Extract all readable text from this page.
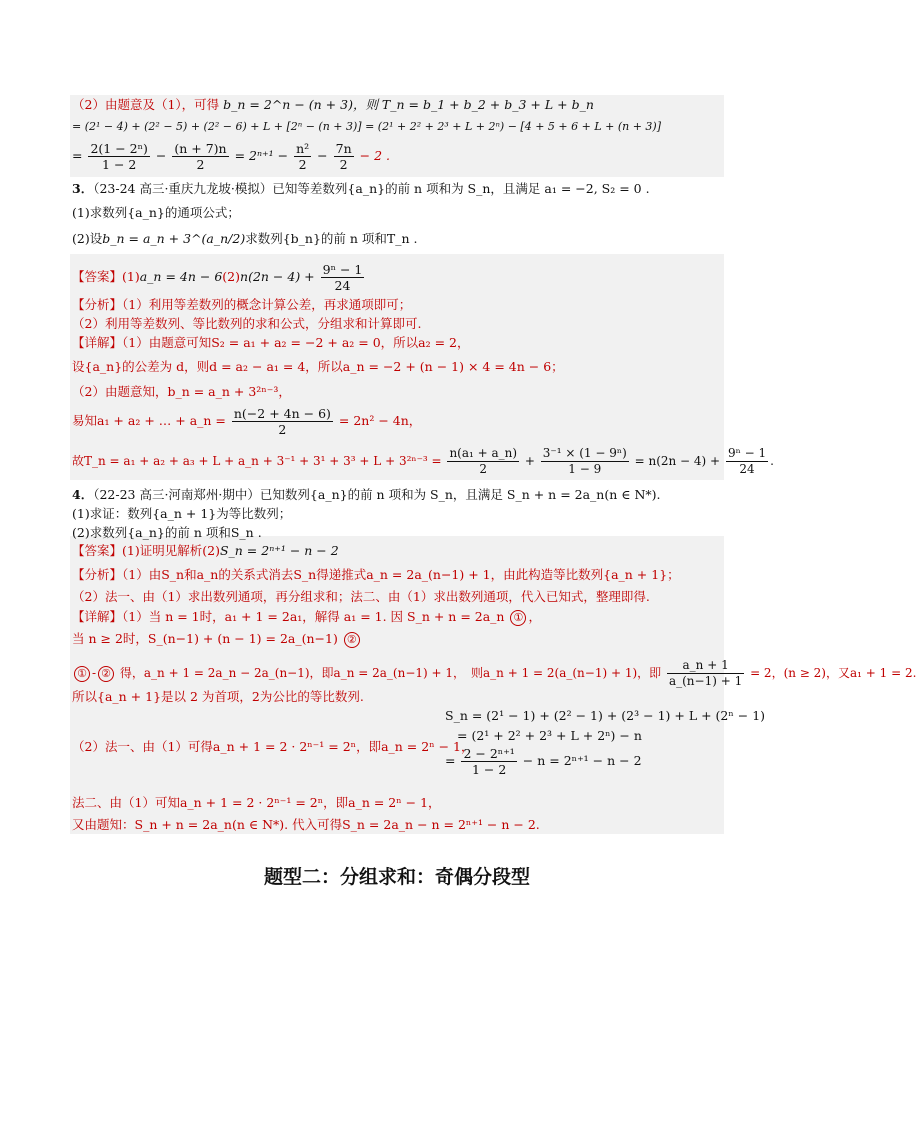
（2）由题意及（1），可得 b_n = 2^n − (n + 3)，则 T_n = b_1 + b_2 + b_3 + L + b_n
= (2¹ − 4) + (2² − 5) + (2² − 6) + L + [2ⁿ − (n + 3)] = (2¹ + 2² + 2³ + L + 2ⁿ) − [4 + 5 + 6 + L + (n + 3)]
= $\frac{\text{2(1 − 2ⁿ)}}{1 - 2} - \frac{(n + 7)n}{2} = 2^{n+1} - \frac{\text{n²}}{2} - \frac{7n}{2} - 2$ .
3．（23-24 高三·重庆九龙坡·模拟）已知等差数列{a_n}的前 n 项和为 S_n，且满足 a₁ = −2, S₂ = 0 .
(1)求数列{a_n}的通项公式；
(2)设b_n = a_n + 3^(a_n/2)求数列{b_n}的前 n 项和T_n .
【答案】(1)a_n = $4n - 6(2)n(2n - 4) + \frac{\text{9ⁿ − 1}}{24}$
【分析】（1）利用等差数列的概念计算公差，再求通项即可；
（2）利用等差数列、等比数列的求和公式，分组求和计算即可.
【详解】（1）由题意可知S₂ = a₁ + a₂ = −2 + a₂ = 0，所以a₂ = 2，
设{a_n}的公差为 d，则d = a₂ − a₁ = 4，所以a_n = −2 + (n − 1) × 4 = 4n − 6；
（2）由题意知，b_n = a_n + 3²ⁿ⁻³，
易知a₁ + a₂ + … + a_n = $\frac{n(-2 + 4n - 6)}{2} = 2n^2 - 4n$，
故T_n = a₁ + a₂ + a₃ + L + a_n + $3^{-1} + 3^1 + 3^3 + L + 3^{2n-3} = \frac{\text{n(a₁ + a\_n)}}{2} + \frac{\text{3⁻¹ × (1 − 9ⁿ)}}{1 - 9} = n(2n - 4) + \frac{\text{9ⁿ − 1}}{24}$ .
4．（22-23 高三·河南郑州·期中）已知数列{a_n}的前 n 项和为 S_n，且满足 S_n + n = 2a_n(n ∈ N*).
(1)求证：数列{a_n + 1}为等比数列；
(2)求数列{a_n}的前 n 项和S_n .
【答案】(1)证明见解析(2)S_n = 2ⁿ⁺¹ − n − 2
【分析】（1）由S_n和a_n的关系式消去S_n得递推式a_n = 2a_(n−1) + 1，由此构造等比数列{a_n + 1}；
（2）法一、由（1）求出数列通项，再分组求和；法二、由（1）求出数列通项，代入已知式，整理即得.
【详解】（1）当 n = 1时，a₁ + 1 = 2a₁，解得 a₁ = 1. 因 S_n + n = 2a_n ① ，
当 n ≥ 2时，S_(n−1) + (n − 1) = 2a_(n−1) ②
① - ② 得，a_n + 1 = 2a_n − 2a_(n−1)，即a_n = 2a_(n−1) + 1，　则a_n + 1 = 2(a_(n−1) + 1)，即 $\frac{a\_n + 1}{a\_(n-1) + 1} = 2$，(n ≥ 2)，又a₁ + 1 = 2.
所以{a_n + 1}是以 2 为首项，2为公比的等比数列.
（2）法一、由（1）可得a_n + 1 = 2 · 2ⁿ⁻¹ = 2ⁿ，即a_n = 2ⁿ − 1，
S_n = (2¹ − 1) + (2² − 1) + (2³ − 1) + L + (2ⁿ − 1)
= (2¹ + 2² + 2³ + L + 2ⁿ) − n
= $\frac{\text{2 − 2ⁿ⁺¹}}{1 - 2} - n = 2^{n+1} - n - 2$
法二、由（1）可知a_n + 1 = 2 · 2ⁿ⁻¹ = 2ⁿ，即a_n = 2ⁿ − 1，
又由题知：S_n + n = 2a_n(n ∈ N*). 代入可得S_n = 2a_n − n = 2ⁿ⁺¹ − n − 2.
题型二：分组求和：奇偶分段型
